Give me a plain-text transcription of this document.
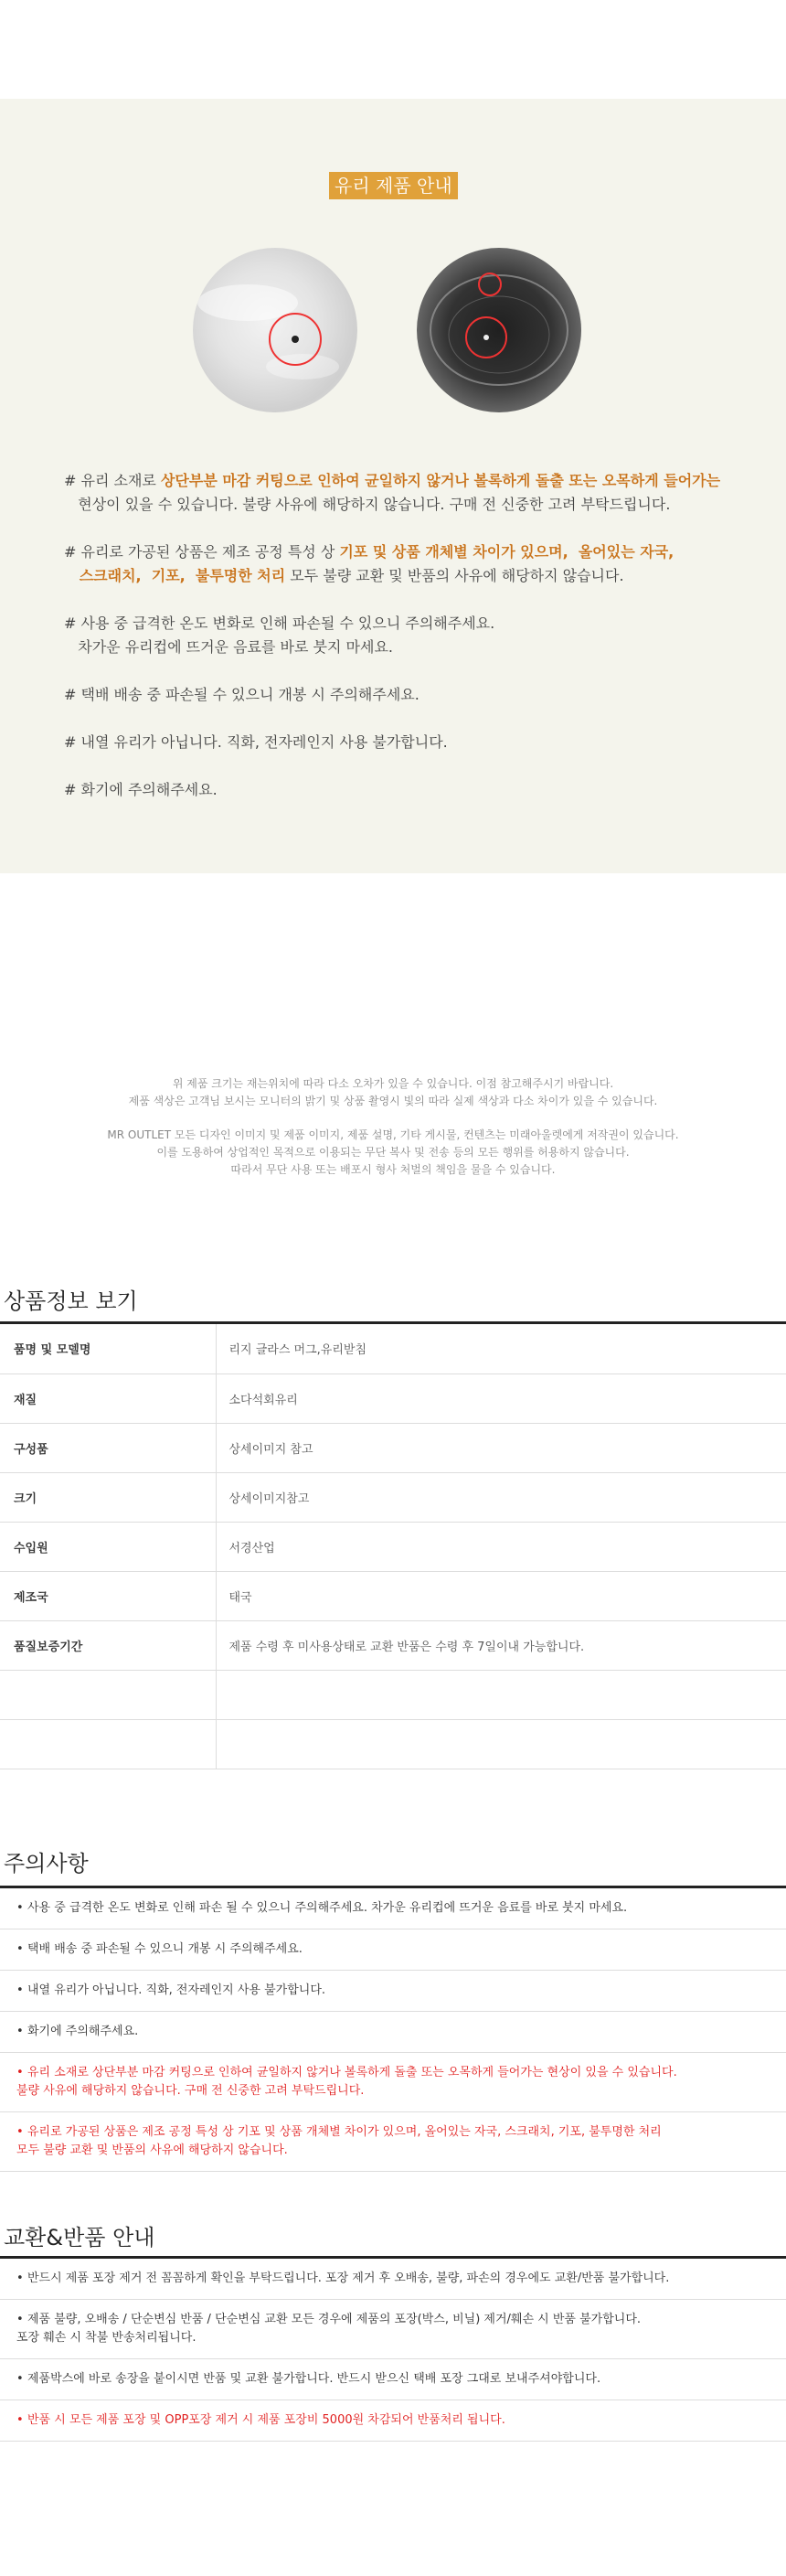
유리 제품 안내
# 유리 소재로 상단부분 마감 커팅으로 인하여 균일하지 않거나 볼록하게 돌출 또는 오목하게 들어가는
현상이 있을 수 있습니다. 불량 사유에 해당하지 않습니다. 구매 전 신중한 고려 부탁드립니다.
# 유리로 가공된 상품은 제조 공정 특성 상 기포 및 상품 개체별 차이가 있으며,  올어있는 자국,
스크래치,  기포,  불투명한 처리 모두 불량 교환 및 반품의 사유에 해당하지 않습니다.
# 사용 중 급격한 온도 변화로 인해 파손될 수 있으니 주의해주세요.
차가운 유리컵에 뜨거운 음료를 바로 붓지 마세요.
# 택배 배송 중 파손될 수 있으니 개봉 시 주의해주세요.
# 내열 유리가 아닙니다. 직화, 전자레인지 사용 불가합니다.
# 화기에 주의해주세요.

위 제품 크기는 재는위치에 따라 다소 오차가 있을 수 있습니다. 이점 참고해주시기 바랍니다.

제품 색상은 고객님 보시는 모니터의 밝기 및 상품 촬영시 빛의 따라 실제 색상과 다소 차이가 있을 수 있습니다.

MR OUTLET 모든 디자인 이미지 및 제품 이미지, 제품 설명, 기타 게시물, 컨텐츠는 미래아울렛에게 저작권이 있습니다.

이를 도용하여 상업적인 목적으로 이용되는 무단 복사 및 전송 등의 모든 행위를 허용하지 않습니다.

따라서 무단 사용 또는 배포시 형사 처벌의 책임을 물을 수 있습니다.

상품정보 보기
품명 및 모델명	리지 글라스 머그,유리받침
재질	소다석회유리
구성품	상세이미지 참고
크기	상세이미지참고
수입원	서경산업
제조국	태국
품질보증기간	제품 수령 후 미사용상태로 교환 반품은 수령 후 7일이내 가능합니다.

주의사항
• 사용 중 급격한 온도 변화로 인해 파손 될 수 있으니 주의해주세요. 차가운 유리컵에 뜨거운 음료를 바로 붓지 마세요.
• 택배 배송 중 파손될 수 있으니 개봉 시 주의해주세요.
• 내열 유리가 아닙니다. 직화, 전자레인지 사용 불가합니다.
• 화기에 주의해주세요.
• 유리 소재로 상단부분 마감 커팅으로 인하여 균일하지 않거나 볼록하게 돌출 또는 오목하게 들어가는 현상이 있을 수 있습니다.
불량 사유에 해당하지 않습니다. 구매 전 신중한 고려 부탁드립니다.
• 유리로 가공된 상품은 제조 공정 특성 상 기포 및 상품 개체별 차이가 있으며, 올어있는 자국, 스크래치, 기포, 불투명한 처리
모두 불량 교환 및 반품의 사유에 해당하지 않습니다.
교환&반품 안내
• 반드시 제품 포장 제거 전 꼼꼼하게 확인을 부탁드립니다. 포장 제거 후 오배송, 불량, 파손의 경우에도 교환/반품 불가합니다.
• 제품 불량, 오배송 / 단순변심 반품 / 단순변심 교환 모든 경우에 제품의 포장(박스, 비닐) 제거/훼손 시 반품 불가합니다.
포장 훼손 시 착불 반송처리됩니다.
• 제품박스에 바로 송장을 붙이시면 반품 및 교환 불가합니다. 반드시 받으신 택배 포장 그대로 보내주셔야합니다.
• 반품 시 모든 제품 포장 및 OPP포장 제거 시 제품 포장비 5000원 차감되어 반품처리 됩니다.
